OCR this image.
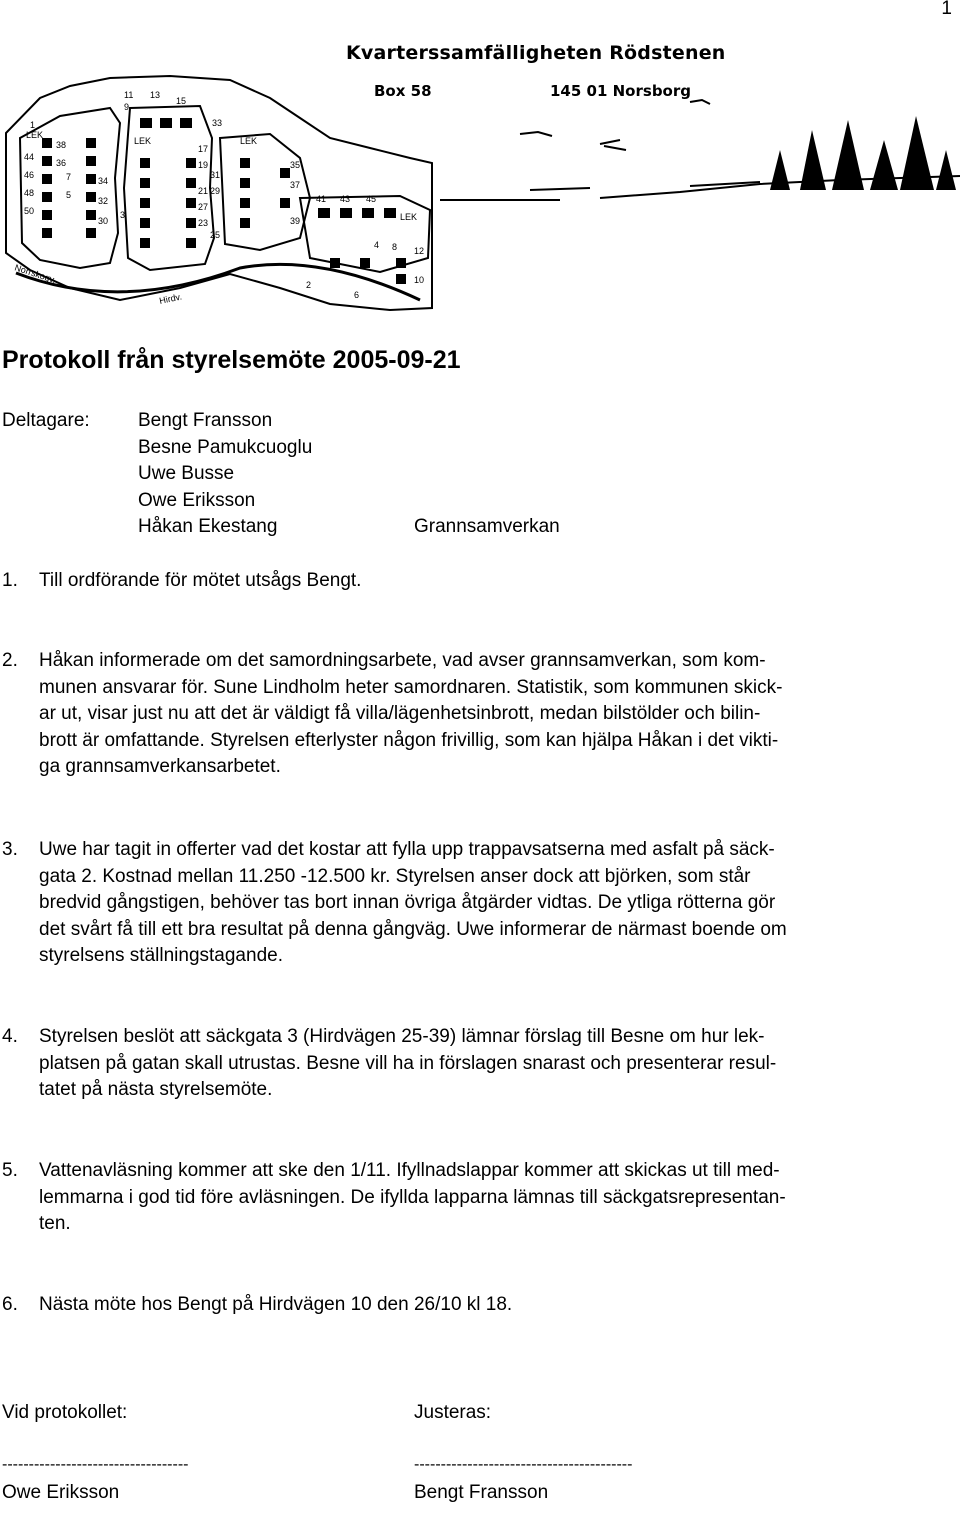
1
11 13
15
9
LEK
LEK
33
1
38
36
7
5
44
46
48
50
34
32
30
3
17
19
21
27
23
25
29
31
LEK
35
37
41
39
43 45
LEK
4
2
6
8
10
12
Hirdv.
Norrskogv.
Kvarterssamfälligheten Rödstenen
Box 58	145 01 Norsborg
Protokoll från styrelsemöte 2005-09-21
Deltagare:	Bengt Fransson
Besne Pamukcuoglu
Uwe Busse
Owe Eriksson
Håkan Ekestang	Grannsamverkan
1. Till ordförande för mötet utsågs Bengt.
2. Håkan informerade om det samordningsarbete, vad avser grannsamverkan, som kom-
munen ansvarar för. Sune Lindholm heter samordnaren. Statistik, som kommunen skick-
ar ut, visar just nu att det är väldigt få villa/lägenhetsinbrott, medan bilstölder och bilin-
brott är omfattande. Styrelsen efterlyster någon frivillig, som kan hjälpa Håkan i det vikti-
ga grannsamverkansarbetet.
3. Uwe har tagit in offerter vad det kostar att fylla upp trappavsatserna med asfalt på säck-
gata 2. Kostnad mellan 11.250 -12.500 kr. Styrelsen anser dock att björken, som står
bredvid gångstigen, behöver tas bort innan övriga åtgärder vidtas. De ytliga rötterna gör
det svårt få till ett bra resultat på denna gångväg. Uwe informerar de närmast boende om
styrelsens ställningstagande.
4. Styrelsen beslöt att säckgata 3 (Hirdvägen 25-39) lämnar förslag till Besne om hur lek-
platsen på gatan skall utrustas. Besne vill ha in förslagen snarast och presenterar resul-
tatet på nästa styrelsemöte.
5. Vattenavläsning kommer att ske den 1/11. Ifyllnadslappar kommer att skickas ut till med-
lemmarna i god tid före avläsningen. De ifyllda lapparna lämnas till säckgatsrepresentan-
ten.
6. Nästa möte hos Bengt på Hirdvägen 10 den 26/10 kl 18.
Vid protokollet:	Justeras:
-----------------------------------	-----------------------------------------
Owe Eriksson	Bengt Fransson
